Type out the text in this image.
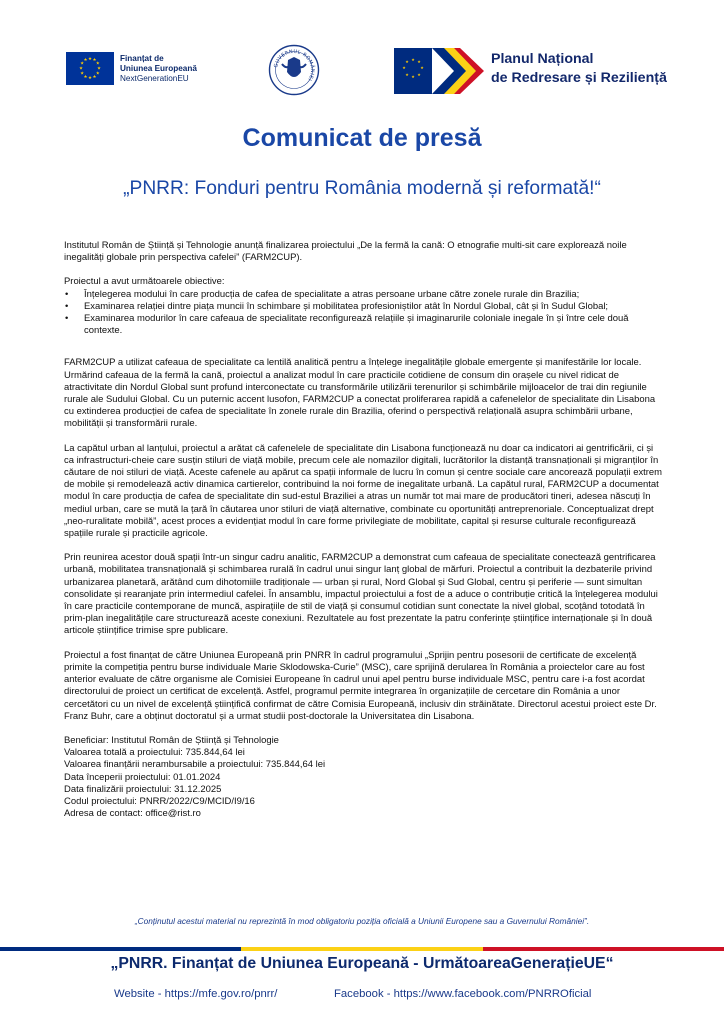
★ ★
★
★
★
★
★
★
★
★
★
★	Finanțat de
Uniunea Europeană
NextGenerationEU
GUVERNUL ROMÂNIEI
★ ★
★
★
★
★
★
★	Planul Național
de Redresare și Reziliență
Comunicat de presă
„PNRR: Fonduri pentru România modernă și reformată!“

Institutul Român de Știință și Tehnologie anunță finalizarea proiectului „De la fermă la cană: O etnografie multi-sit care explorează noile inegalități globale prin perspectiva cafelei” (FARM2CUP).

Proiectul a avut următoarele obiective:

• Înțelegerea modului în care producția de cafea de specialitate a atras persoane urbane către zonele rurale din Brazilia;
• Examinarea relației dintre piața muncii în schimbare și mobilitatea profesioniștilor atât în Nordul Global, cât și în Sudul Global;
• Examinarea modurilor în care cafeaua de specialitate reconfigurează relațiile și imaginarurile coloniale inegale în și între cele două contexte.

FARM2CUP a utilizat cafeaua de specialitate ca lentilă analitică pentru a înțelege inegalitățile globale emergente și manifestările lor locale. Urmărind cafeaua de la fermă la cană, proiectul a analizat modul în care practicile cotidiene de consum din orașele cu nivel ridicat de atractivitate din Nordul Global sunt profund interconectate cu transformările utilizării terenurilor și schimbările mijloacelor de trai din regiunile rurale ale Sudului Global. Cu un puternic accent lusofon, FARM2CUP a conectat proliferarea rapidă a cafenelelor de specialitate din Lisabona cu extinderea producției de cafea de specialitate în zonele rurale din Brazilia, oferind o perspectivă relațională asupra schimbării urbane, mobilității și transformării rurale.

La capătul urban al lanțului, proiectul a arătat că cafenelele de specialitate din Lisabona funcționează nu doar ca indicatori ai gentrificării, ci și ca infrastructuri-cheie care susțin stiluri de viață mobile, precum cele ale nomazilor digitali, lucrătorilor la distanță transnaționali și migranților în căutare de noi stiluri de viață. Aceste cafenele au apărut ca spații informale de lucru în comun și centre sociale care ancorează populații extrem de mobile și remodelează activ dinamica cartierelor, contribuind la noi forme de inegalitate urbană. La capătul rural, FARM2CUP a documentat modul în care producția de cafea de specialitate din sud-estul Braziliei a atras un număr tot mai mare de producători tineri, adesea născuți în mediul urban, care se mută la țară în căutarea unor stiluri de viață alternative, combinate cu oportunități antreprenoriale. Conceptualizat drept „neo-ruralitate mobilă”, acest proces a evidențiat modul în care forme privilegiate de mobilitate, capital și resurse culturale reconfigurează spațiile rurale și practicile agricole.

Prin reunirea acestor două spații într-un singur cadru analitic, FARM2CUP a demonstrat cum cafeaua de specialitate conectează gentrificarea urbană, mobilitatea transnațională și schimbarea rurală în cadrul unui singur lanț global de mărfuri. Proiectul a contribuit la dezbaterile privind urbanizarea planetară, arătând cum dihotomiile tradiționale — urban și rural, Nord Global și Sud Global, centru și periferie — sunt simultan consolidate și rearanjate prin intermediul cafelei. În ansamblu, impactul proiectului a fost de a aduce o contribuție critică la înțelegerea modului în care practicile contemporane de muncă, aspirațiile de stil de viață și consumul cotidian sunt conectate la nivel global, scoțând totodată în prim-plan inegalitățile care structurează aceste conexiuni. Rezultatele au fost prezentate la patru conferințe științifice internaționale și în două articole științifice trimise spre publicare.

Proiectul a fost finanțat de către Uniunea Europeană prin PNRR în cadrul programului „Sprijin pentru posesorii de certificate de excelență primite la competiția pentru burse individuale Marie Sklodowska-Curie” (MSC), care sprijină derularea în România a proiectelor care au fost anterior evaluate de către organisme ale Comisiei Europeane în cadrul unui apel pentru burse individuale MSC, pentru care i-a fost acordat directorului de proiect un certificat de excelență. Astfel, programul permite integrarea în organizațiile de cercetare din România a unor cercetători cu un nivel de excelență științifică confirmat de către Comisia Europeană, inclusiv din străinătate. Directorul acestui proiect este Dr. Franz Buhr, care a obținut doctoratul și a urmat studii post-doctorale la Universitatea din Lisabona.

Beneficiar: Institutul Român de Știință și Tehnologie
Valoarea totală a proiectului: 735.844,64 lei
Valoarea finanțării nerambursabile a proiectului: 735.844,64 lei
Data începerii proiectului: 01.01.2024
Data finalizării proiectului: 31.12.2025
Codul proiectului: PNRR/2022/C9/MCID/I9/16
Adresa de contact: office@rist.ro
„Conținutul acestui material nu reprezintă în mod obligatoriu poziția oficială a Uniunii Europene sau a Guvernului României”.
„PNRR. Finanțat de Uniunea Europeană - UrmătoareaGenerațieUE“
Website - https://mfe.gov.ro/pnrr/	Facebook - https://www.facebook.com/PNRROficial
